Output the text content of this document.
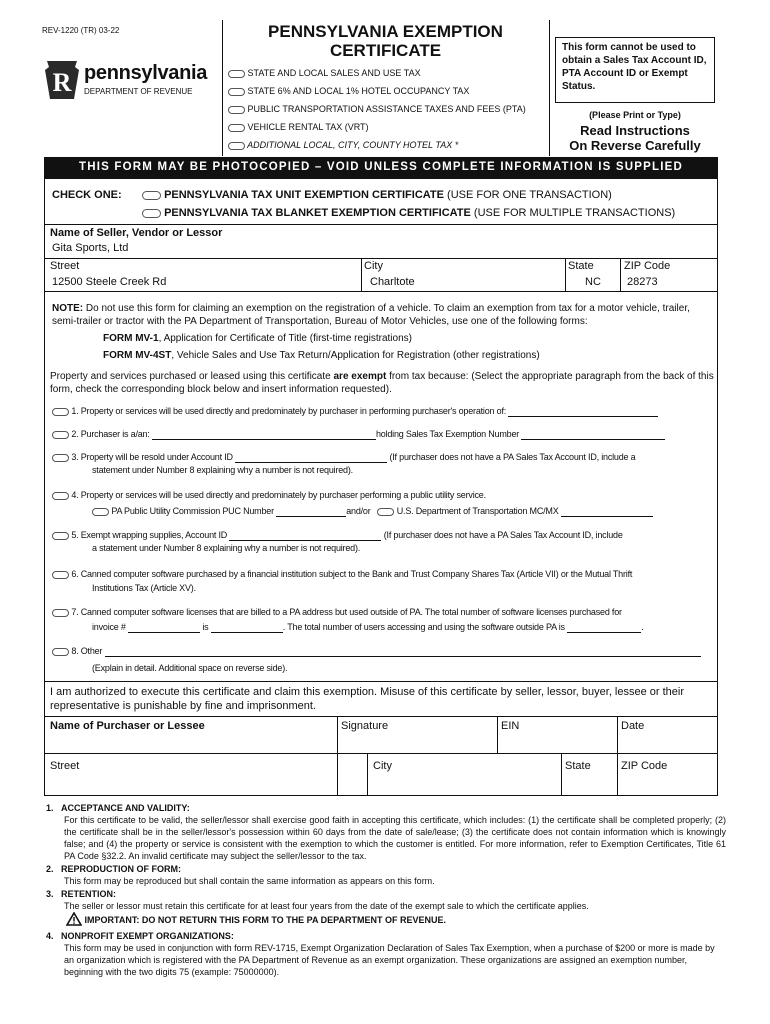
REV-1220 (TR) 03-22
R pennsylvania
DEPARTMENT OF REVENUE
PENNSYLVANIA EXEMPTION
CERTIFICATE
STATE AND LOCAL SALES AND USE TAX
STATE 6% AND LOCAL 1% HOTEL OCCUPANCY TAX
PUBLIC TRANSPORTATION ASSISTANCE TAXES AND FEES (PTA)
VEHICLE RENTAL TAX (VRT)
ADDITIONAL LOCAL, CITY, COUNTY HOTEL TAX *
This form cannot be used to obtain a Sales Tax Account ID, PTA Account ID or Exempt Status.
(Please Print or Type)
Read Instructions
On Reverse Carefully
THIS FORM MAY BE PHOTOCOPIED – VOID UNLESS COMPLETE INFORMATION IS SUPPLIED
CHECK ONE:	PENNSYLVANIA TAX UNIT EXEMPTION CERTIFICATE (USE FOR ONE TRANSACTION)
PENNSYLVANIA TAX BLANKET EXEMPTION CERTIFICATE (USE FOR MULTIPLE TRANSACTIONS)
Name of Seller, Vendor or Lessor
Gita Sports, Ltd
Street
12500 Steele Creek Rd
City
Charltote
State
NC
ZIP Code
28273
NOTE: Do not use this form for claiming an exemption on the registration of a vehicle. To claim an exemption from tax for a motor vehicle, trailer, semi-trailer or tractor with the PA Department of Transportation, Bureau of Motor Vehicles, use one of the following forms:
FORM MV-1, Application for Certificate of Title (first-time registrations)
FORM MV-4ST, Vehicle Sales and Use Tax Return/Application for Registration (other registrations)
Property and services purchased or leased using this certificate are exempt from tax because: (Select the appropriate paragraph from the back of this form, check the corresponding block below and insert information requested).
1. Property or services will be used directly and predominately by purchaser in performing purchaser's operation of:
2. Purchaser is a/an:	holding Sales Tax Exemption Number
3. Property will be resold under Account ID	(If purchaser does not have a PA Sales Tax Account ID, include a
statement under Number 8 explaining why a number is not required).
4. Property or services will be used directly and predominately by purchaser performing a public utility service.
PA Public Utility Commission PUC Number	and/or	U.S. Department of Transportation MC/MX
5. Exempt wrapping supplies, Account ID	(If purchaser does not have a PA Sales Tax Account ID, include
a statement under Number 8 explaining why a number is not required).
6. Canned computer software purchased by a financial institution subject to the Bank and Trust Company Shares Tax (Article VII) or the Mutual Thrift
Institutions Tax (Article XV).
7. Canned computer software licenses that are billed to a PA address but used outside of PA. The total number of software licenses purchased for
invoice #	is	. The total number of users accessing and using the software outside PA is	.
8. Other
(Explain in detail. Additional space on reverse side).
I am authorized to execute this certificate and claim this exemption. Misuse of this certificate by seller, lessor, buyer, lessee or their representative is punishable by fine and imprisonment.
Name of Purchaser or Lessee	Signature	EIN	Date
Street	City	State	ZIP Code
1. ACCEPTANCE AND VALIDITY:
For this certificate to be valid, the seller/lessor shall exercise good faith in accepting this certificate, which includes: (1) the certificate shall be completed properly; (2) the certificate shall be in the seller/lessor's possession within 60 days from the date of sale/lease; (3) the certificate does not contain information which is knowingly false; and (4) the property or service is consistent with the exemption to which the customer is entitled. For more information, refer to Exemption Certificates, Title 61 PA Code §32.2. An invalid certificate may subject the seller/lessor to the tax.
2. REPRODUCTION OF FORM:
This form may be reproduced but shall contain the same information as appears on this form.
3. RETENTION:
The seller or lessor must retain this certificate for at least four years from the date of the exempt sale to which the certificate applies.
IMPORTANT: DO NOT RETURN THIS FORM TO THE PA DEPARTMENT OF REVENUE.
4. NONPROFIT EXEMPT ORGANIZATIONS:
This form may be used in conjunction with form REV-1715, Exempt Organization Declaration of Sales Tax Exemption, when a purchase of $200 or more is made by an organization which is registered with the PA Department of Revenue as an exempt organization. These organizations are assigned an exemption number, beginning with the two digits 75 (example: 75000000).
